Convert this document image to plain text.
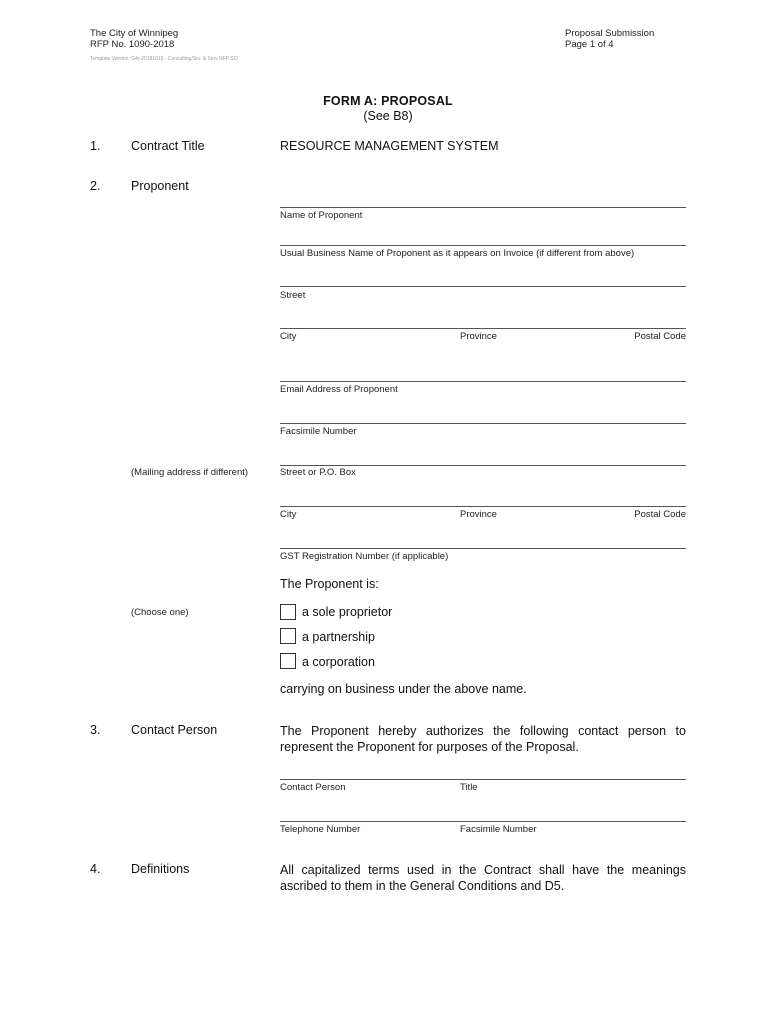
The City of Winnipeg
RFP No. 1090-2018
Template Version: G4r-20181019 - Consulting/Srv. & Serv RFP SO
Proposal Submission
Page 1 of 4
FORM A: PROPOSAL
(See B8)
1. Contract Title	RESOURCE MANAGEMENT SYSTEM
2. Proponent
Name of Proponent
Usual Business Name of Proponent as it appears on Invoice (if different from above)
Street
City	Province	Postal Code
Email Address of Proponent
Facsimile Number
(Mailing address if different)	Street or P.O. Box
City	Province	Postal Code
GST Registration Number (if applicable)
The Proponent is:
(Choose one)	a sole proprietor
a partnership
a corporation
carrying on business under the above name.
3. Contact Person	The Proponent hereby authorizes the following contact person to represent the Proponent for purposes of the Proposal.
Contact Person	Title
Telephone Number	Facsimile Number
4. Definitions	All capitalized terms used in the Contract shall have the meanings ascribed to them in the General Conditions and D5.
